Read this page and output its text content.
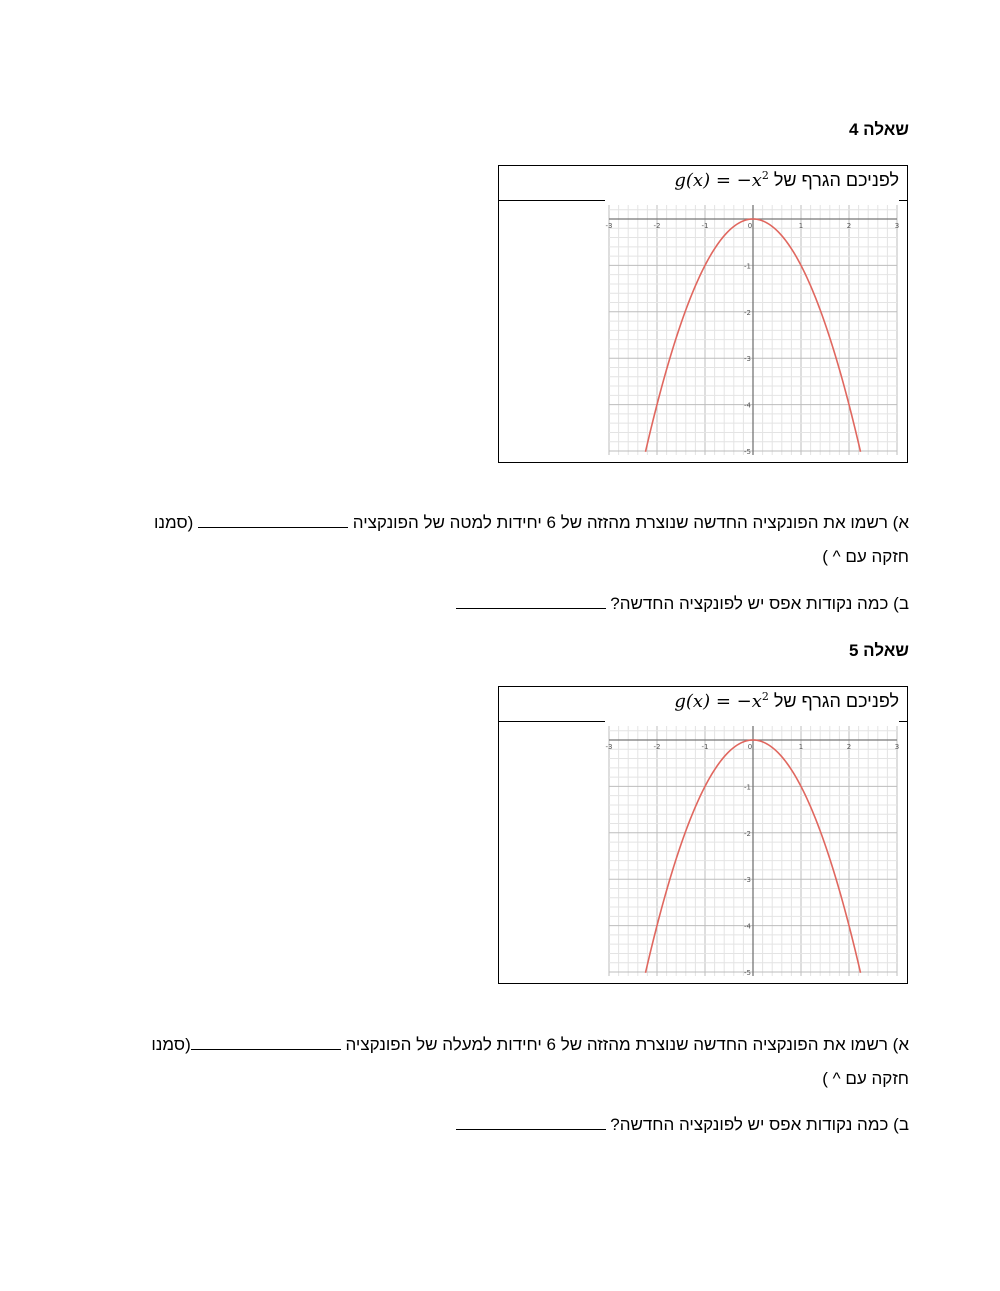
שאלה 4
לפניכם הגרף של $g(x) = -x^2$
-3	-2	-1	0	1	2	3
-1
-2
-3
-4
-5
א) רשמו את הפונקציה החדשה שנוצרת מהזזה של 6 יחידות למטה של הפונקציה  (סמנו
חזקה עם ^ )
ב) כמה נקודות אפס יש לפונקציה החדשה?
שאלה 5
לפניכם הגרף של $g(x) = -x^2$
-3	-2	-1	0	1	2	3
-1
-2
-3
-4
-5
א) רשמו את הפונקציה החדשה שנוצרת מהזזה של 6 יחידות למעלה של הפונקציה (סמנו
חזקה עם ^ )
ב) כמה נקודות אפס יש לפונקציה החדשה?
